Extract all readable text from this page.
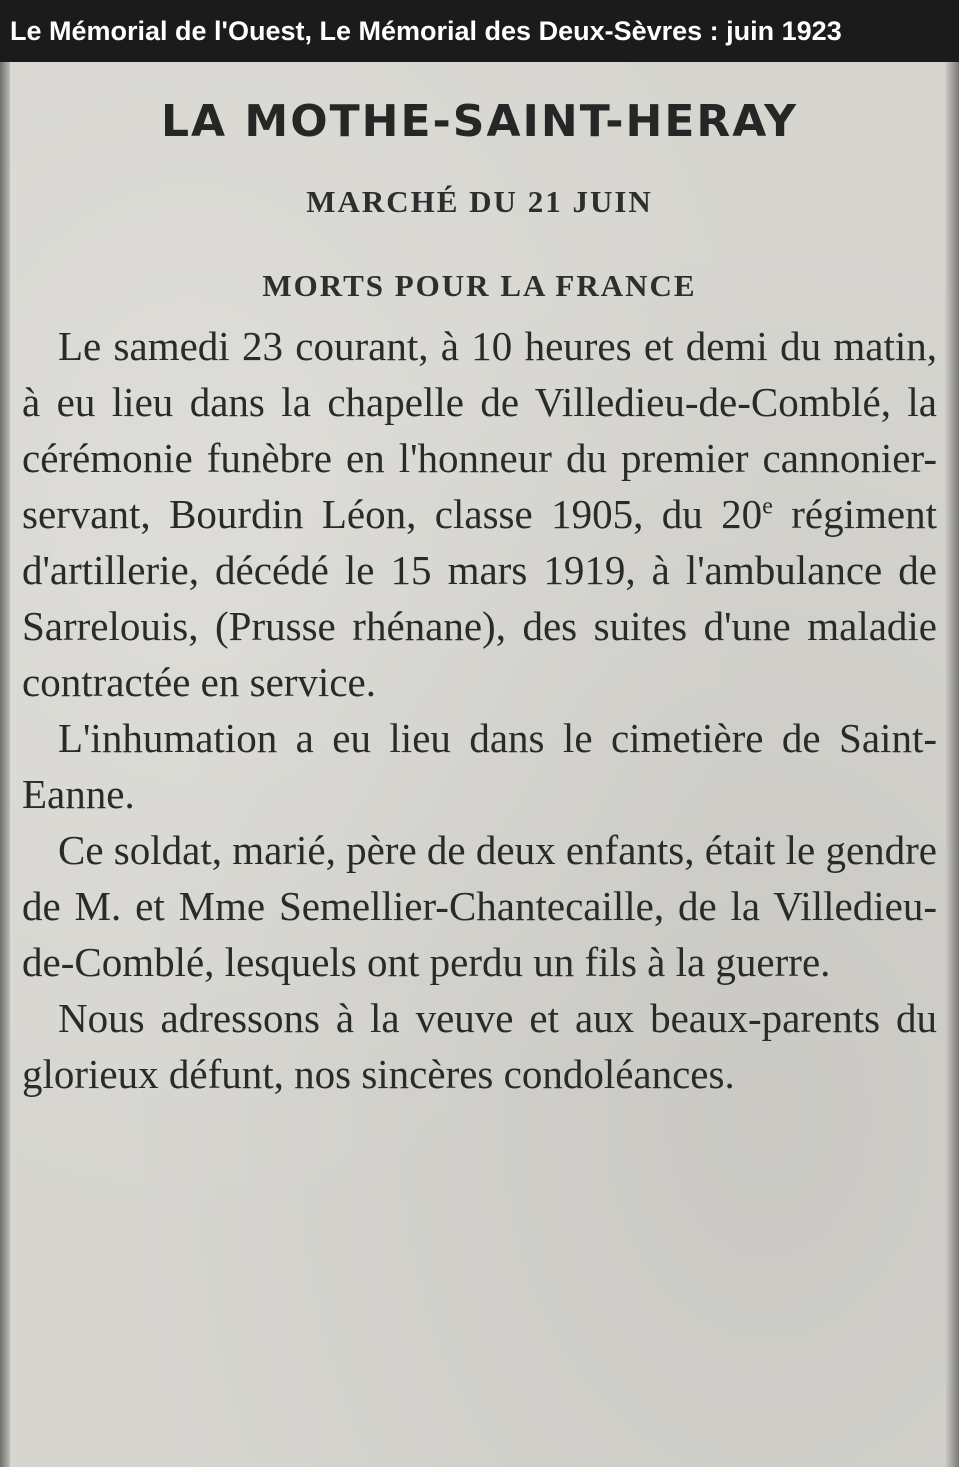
Le Mémorial de l'Ouest, Le Mémorial des Deux-Sèvres : juin 1923
LA MOTHE-SAINT-HERAY
MARCHÉ DU 21 JUIN
MORTS POUR LA FRANCE

Le samedi 23 courant, à 10 heures et demi du matin, à eu lieu dans la chapelle de Villedieu-de-Comblé, la cérémonie funèbre en l'honneur du premier cannonier-servant, Bourdin Léon, classe 1905, du 20e régiment d'artillerie, décédé le 15 mars 1919, à l'ambulance de Sarrelouis, (Prusse rhénane), des suites d'une maladie contractée en service.

L'inhumation a eu lieu dans le cimetière de Saint-Eanne.

Ce soldat, marié, père de deux enfants, était le gendre de M. et Mme Semellier-Chantecaille, de la Villedieu-de-Comblé, lesquels ont perdu un fils à la guerre.

Nous adressons à la veuve et aux beaux-parents du glorieux défunt, nos sincères condoléances.
